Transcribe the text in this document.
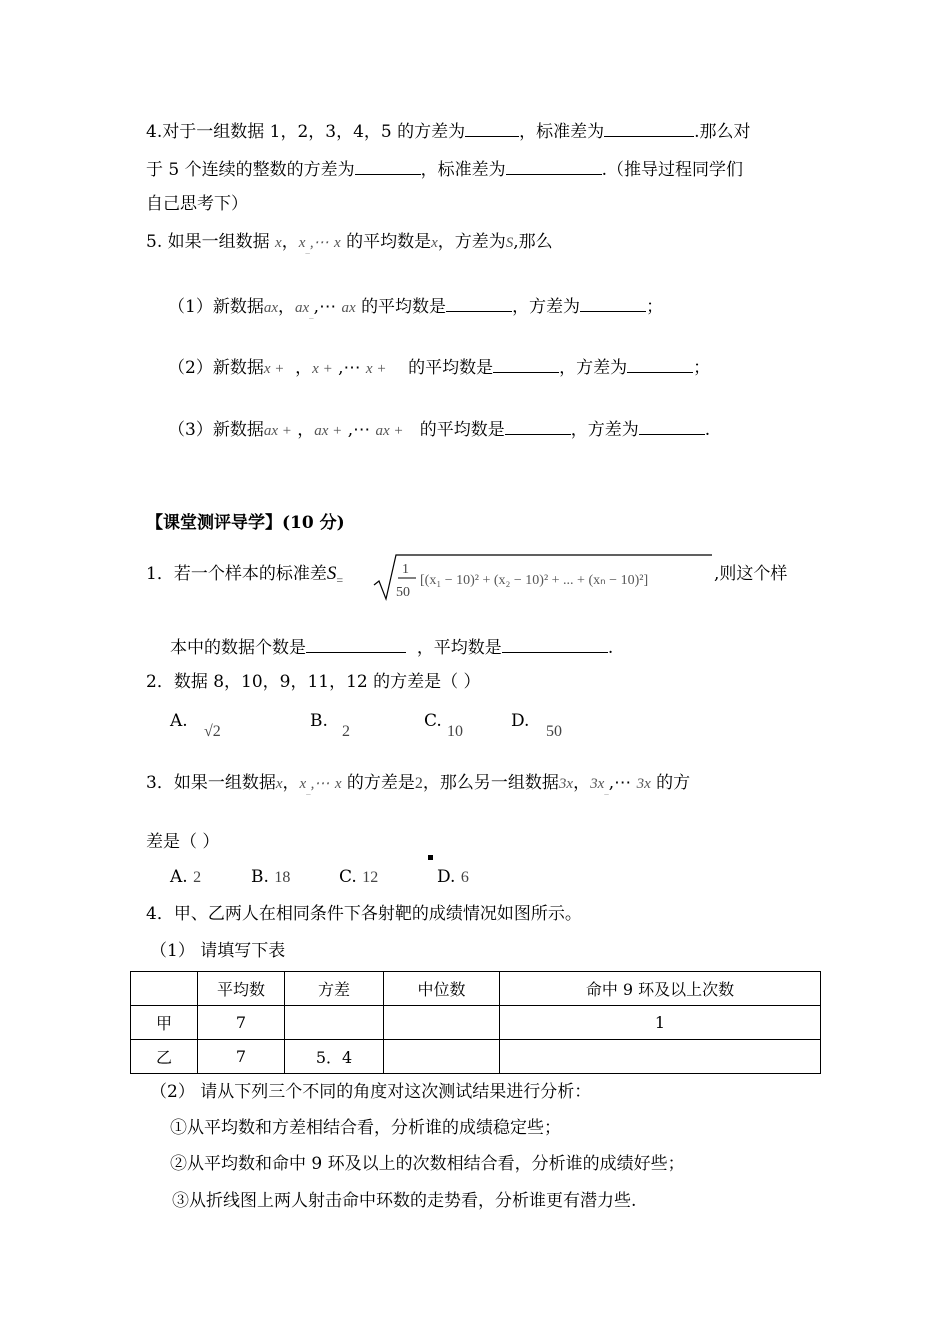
4.对于一组数据 1，2，3，4，5 的方差为	，标准差为	.那么对
于 5 个连续的整数的方差为	，标准差为	.（推导过程同学们
自己思考下）
5. 如果一组数据 x，$x_{\_},\cdots$ x 的平均数是x，方差为S,那么
（1）新数据ax，$ax_{\_},\cdots$ ax 的平均数是	，方差为	；
（2）新数据x +  ，x + ,⋯ x + 的平均数是	，方差为	；
（3）新数据ax + ，ax + ,⋯ ax + 的平均数是	，方差为	.
【课堂测评导学】(10 分)
1．若一个样本的标准差$S_=$
1
50
[(x₁ − 10)² + (x₂ − 10)² + ... + (xₙ − 10)²]	,则这个样
本中的数据个数是	，平均数是	.
2．数据 8，10，9，11，12 的方差是（ ）
A.
√2
B.
2
C.
10
D.
50
3．如果一组数据x，$x_{\_},\cdots$ x 的方差是2，那么另一组数据3x，$3x_{\_},\cdots$ 3x 的方
差是（ ）
A. 2	B. 18	C. 12	D. 6
4．甲、乙两人在相同条件下各射靶的成绩情况如图所示。
（1） 请填写下表
	平均数	方差	中位数	命中 9 环及以上次数
甲	7			1
乙	7	5．4		
（2） 请从下列三个不同的角度对这次测试结果进行分析：
①从平均数和方差相结合看，分析谁的成绩稳定些；
②从平均数和命中 9 环及以上的次数相结合看，分析谁的成绩好些；
③从折线图上两人射击命中环数的走势看，分析谁更有潜力些.
